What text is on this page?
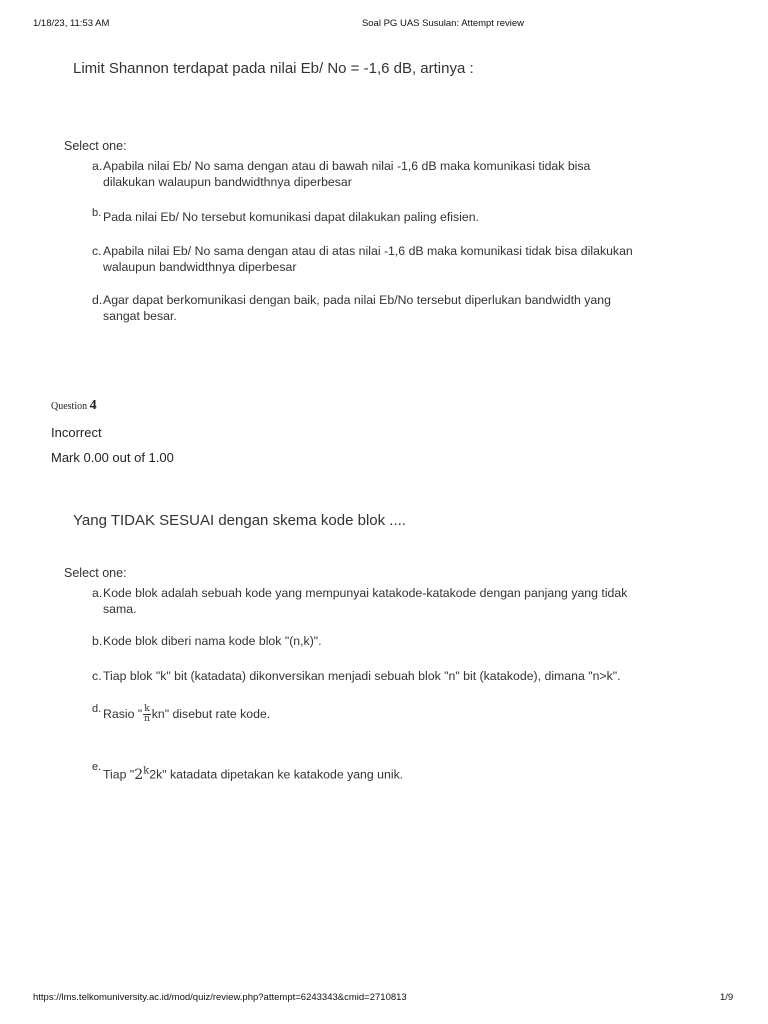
1/18/23, 11:53 AM	Soal PG UAS Susulan: Attempt review
Limit Shannon terdapat pada nilai Eb/ No = -1,6 dB, artinya :
Select one:
a. Apabila nilai Eb/ No sama dengan atau di bawah nilai -1,6 dB maka komunikasi tidak bisa
dilakukan walaupun bandwidthnya diperbesar
b. Pada nilai Eb/ No tersebut komunikasi dapat dilakukan paling efisien.
c. Apabila nilai Eb/ No sama dengan atau di atas nilai -1,6 dB maka komunikasi tidak bisa dilakukan
walaupun bandwidthnya diperbesar
d. Agar dapat berkomunikasi dengan baik, pada nilai Eb/No tersebut diperlukan bandwidth yang
sangat besar.
Question 4
Incorrect
Mark 0.00 out of 1.00
Yang TIDAK SESUAI dengan skema kode blok ....
Select one:
a. Kode blok adalah sebuah kode yang mempunyai katakode-katakode dengan panjang yang tidak
sama.
b. Kode blok diberi nama kode blok "(n,k)".
c. Tiap blok "k" bit (katadata) dikonversikan menjadi sebuah blok "n" bit (katakode), dimana "n>k".
d. Rasio " $\frac{k}{n}$ kn" disebut rate kode.
e.
Tiap "2$^k$2k" katadata dipetakan ke katakode yang unik.
https://lms.telkomuniversity.ac.id/mod/quiz/review.php?attempt=6243343&cmid=2710813	1/9
